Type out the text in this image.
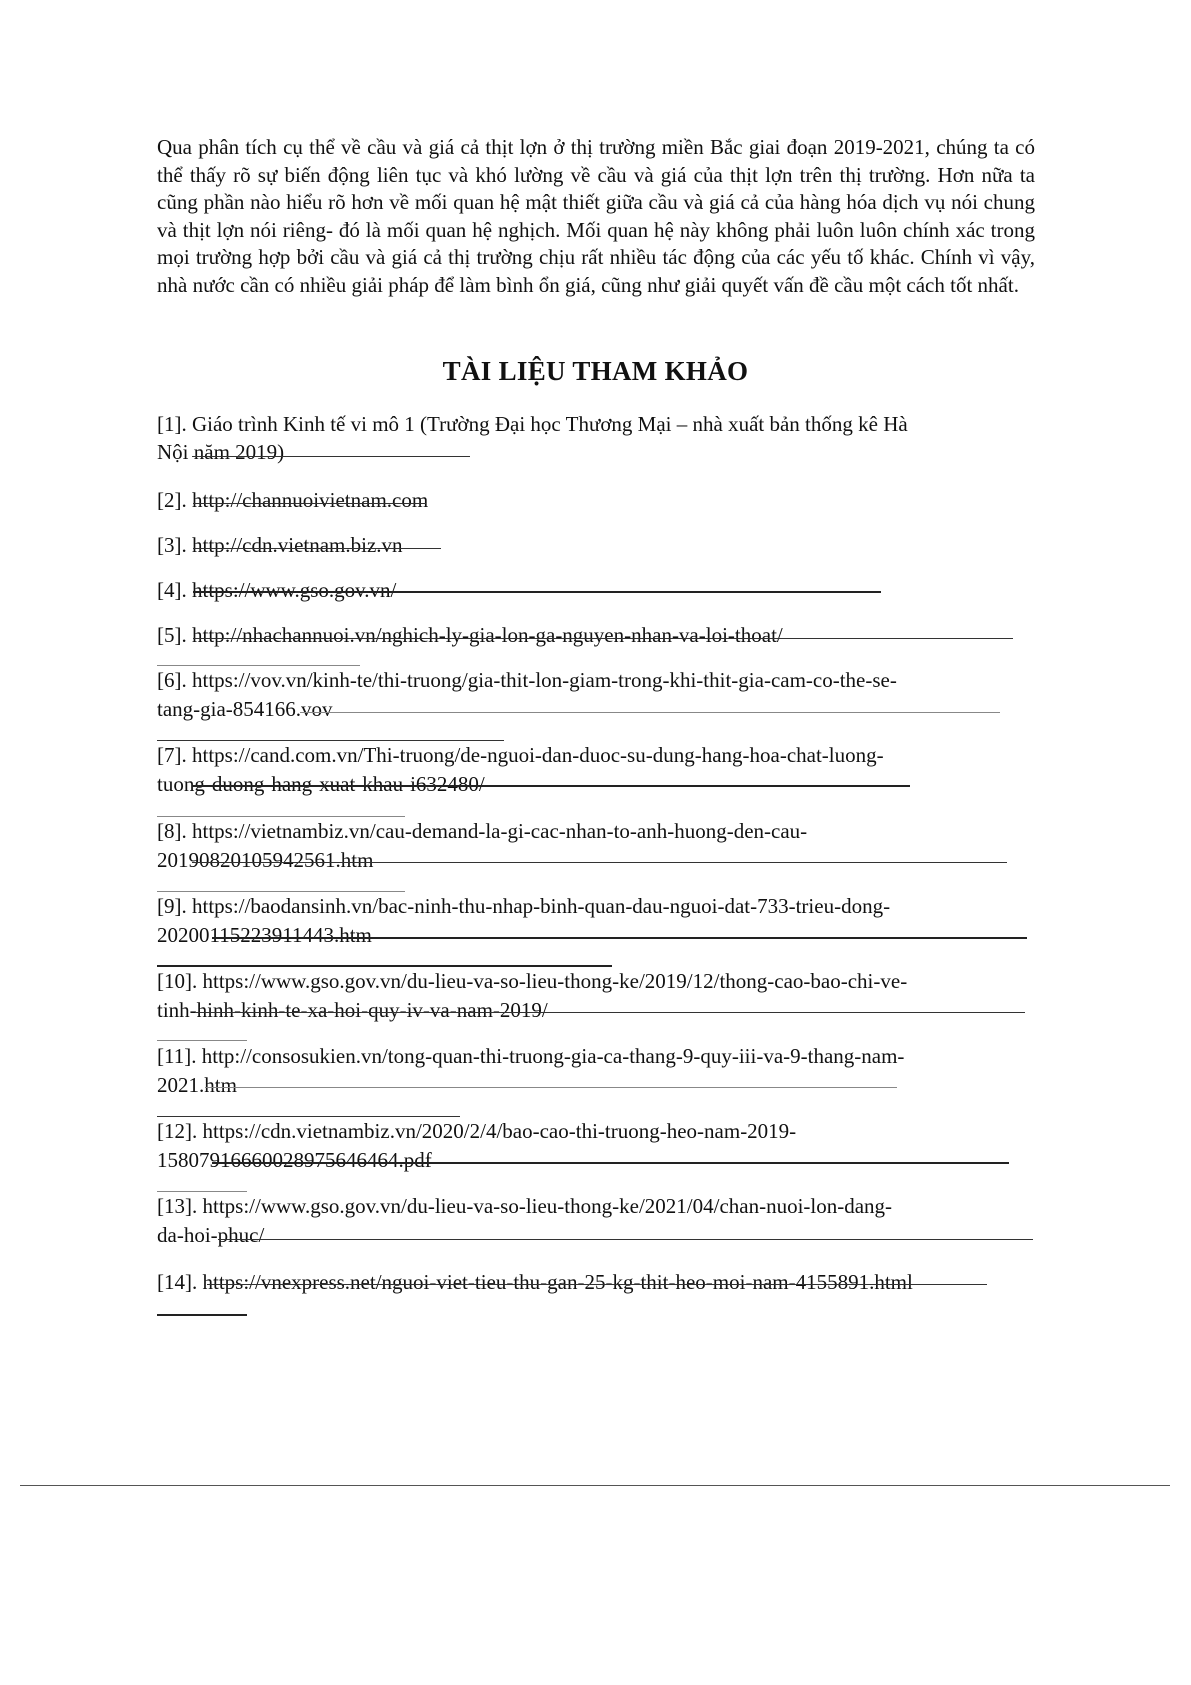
Qua phân tích cụ thể về cầu và giá cả thịt lợn ở thị trường miền Bắc giai đoạn 2019-2021, chúng ta có thể thấy rõ sự biến động liên tục và khó lường về cầu và giá của thịt lợn trên thị trường. Hơn nữa ta cũng phần nào hiểu rõ hơn về mối quan hệ mật thiết giữa cầu và giá cả của hàng hóa dịch vụ nói chung và thịt lợn nói riêng- đó là mối quan hệ nghịch. Mối quan hệ này không phải luôn luôn chính xác trong mọi trường hợp bởi cầu và giá cả thị trường chịu rất nhiều tác động của các yếu tố khác. Chính vì vậy, nhà nước cần có nhiều giải pháp để làm bình ổn giá, cũng như giải quyết vấn đề cầu một cách tốt nhất.

TÀI LIỆU THAM KHẢO
[1]. Giáo trình Kinh tế vi mô 1 (Trường Đại học Thương Mại – nhà xuất bản thống kê Hà
Nội năm 2019)
[2]. http://channuoivietnam.com
[3]. http://cdn.vietnam.biz.vn
[4]. https://www.gso.gov.vn/
[5]. http://nhachannuoi.vn/nghich-ly-gia-lon-ga-nguyen-nhan-va-loi-thoat/
[6]. https://vov.vn/kinh-te/thi-truong/gia-thit-lon-giam-trong-khi-thit-gia-cam-co-the-se-
tang-gia-854166.vov
[7]. https://cand.com.vn/Thi-truong/de-nguoi-dan-duoc-su-dung-hang-hoa-chat-luong-
tuong-duong-hang-xuat-khau-i632480/
[8]. https://vietnambiz.vn/cau-demand-la-gi-cac-nhan-to-anh-huong-den-cau-
20190820105942561.htm
[9]. https://baodansinh.vn/bac-ninh-thu-nhap-binh-quan-dau-nguoi-dat-733-trieu-dong-
20200115223911443.htm
[10]. https://www.gso.gov.vn/du-lieu-va-so-lieu-thong-ke/2019/12/thong-cao-bao-chi-ve-
tinh-hinh-kinh-te-xa-hoi-quy-iv-va-nam-2019/
[11]. http://consosukien.vn/tong-quan-thi-truong-gia-ca-thang-9-quy-iii-va-9-thang-nam-
2021.htm
[12]. https://cdn.vietnambiz.vn/2020/2/4/bao-cao-thi-truong-heo-nam-2019-
15807916660028975646464.pdf
[13]. https://www.gso.gov.vn/du-lieu-va-so-lieu-thong-ke/2021/04/chan-nuoi-lon-dang-
da-hoi-phuc/
[14]. https://vnexpress.net/nguoi-viet-tieu-thu-gan-25-kg-thit-heo-moi-nam-4155891.html
